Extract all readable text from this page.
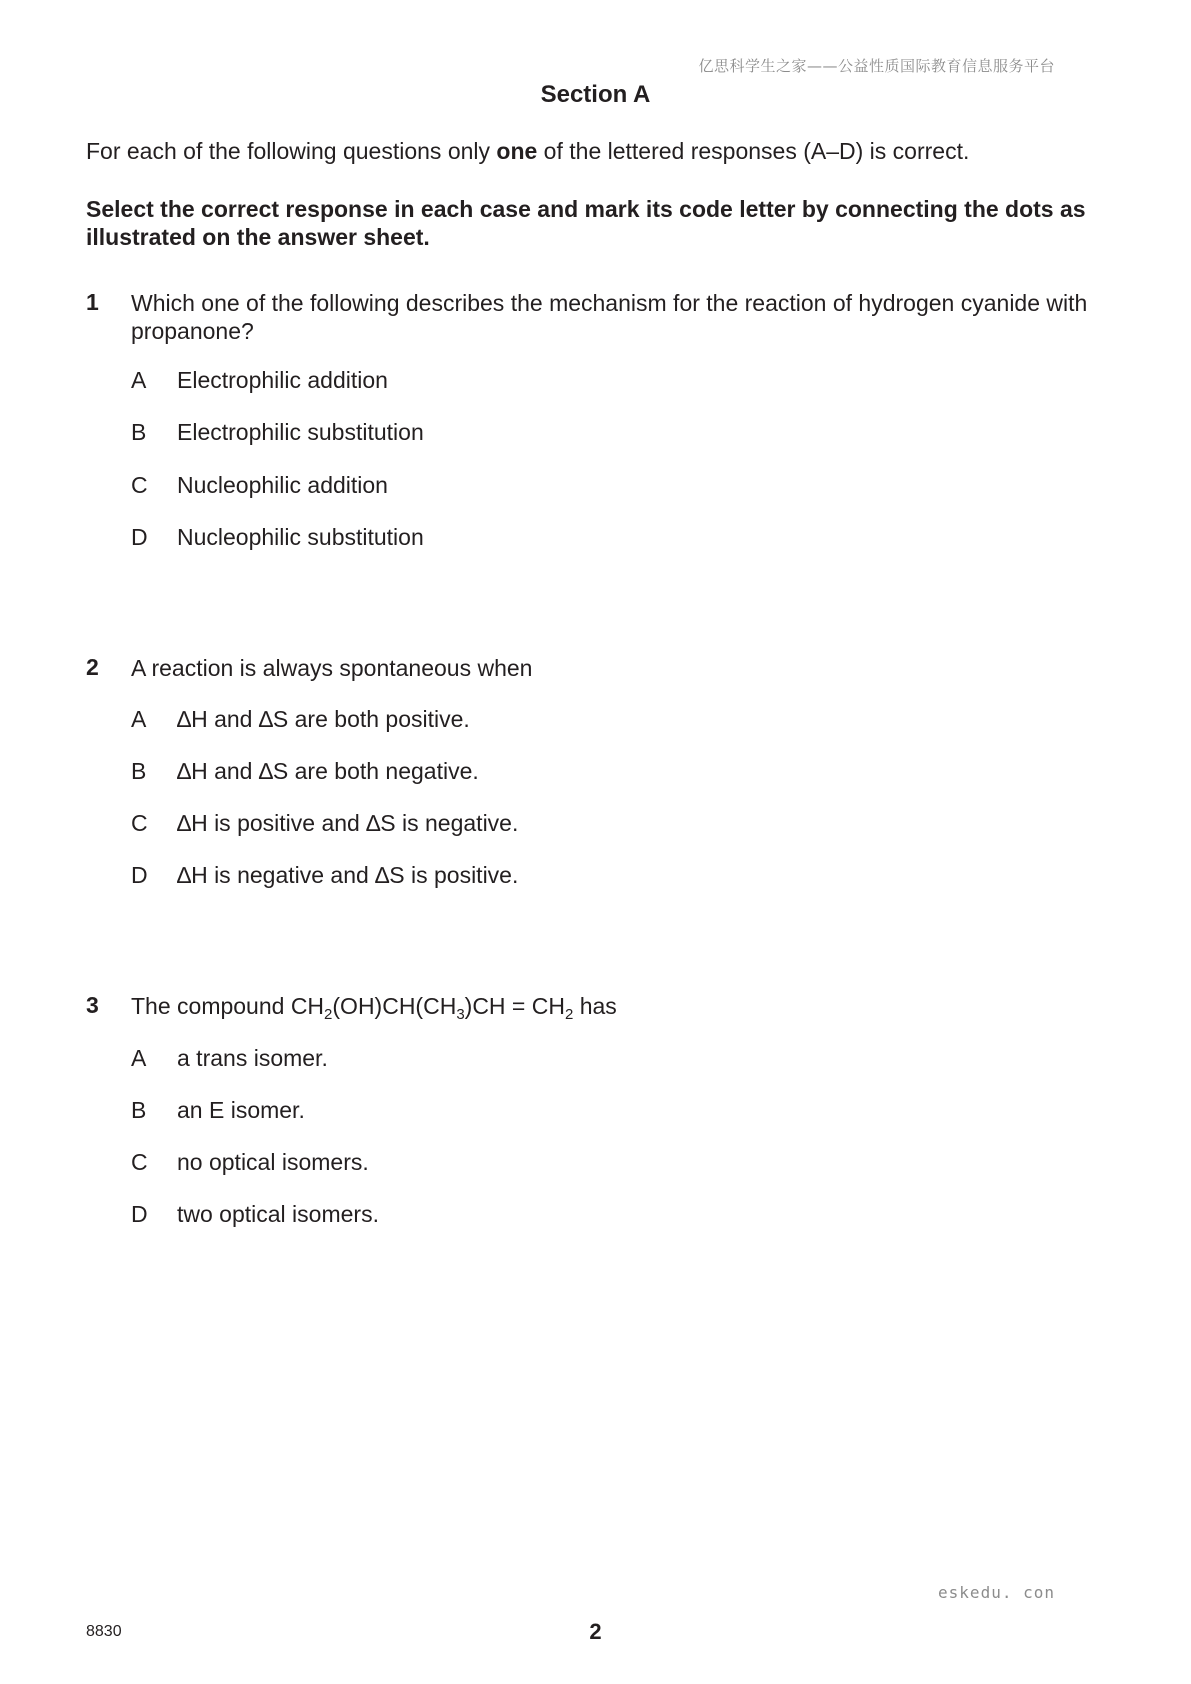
亿思科学生之家——公益性质国际教育信息服务平台
Section A
For each of the following questions only one of the lettered responses (A–D) is correct.
Select the correct response in each case and mark its code letter by connecting the dots as illustrated on the answer sheet.
1 Which one of the following describes the mechanism for the reaction of hydrogen cyanide with propanone?
A Electrophilic addition
B Electrophilic substitution
C Nucleophilic addition
D Nucleophilic substitution
2 A reaction is always spontaneous when
A ∆H and ∆S are both positive.
B ∆H and ∆S are both negative.
C ∆H is positive and ∆S is negative.
D ∆H is negative and ∆S is positive.
3 The compound $CH_2(OH)CH(CH_3)CH = CH_2$ has
A a trans isomer.
B an E isomer.
C no optical isomers.
D two optical isomers.
eskedu. con
8830	2
